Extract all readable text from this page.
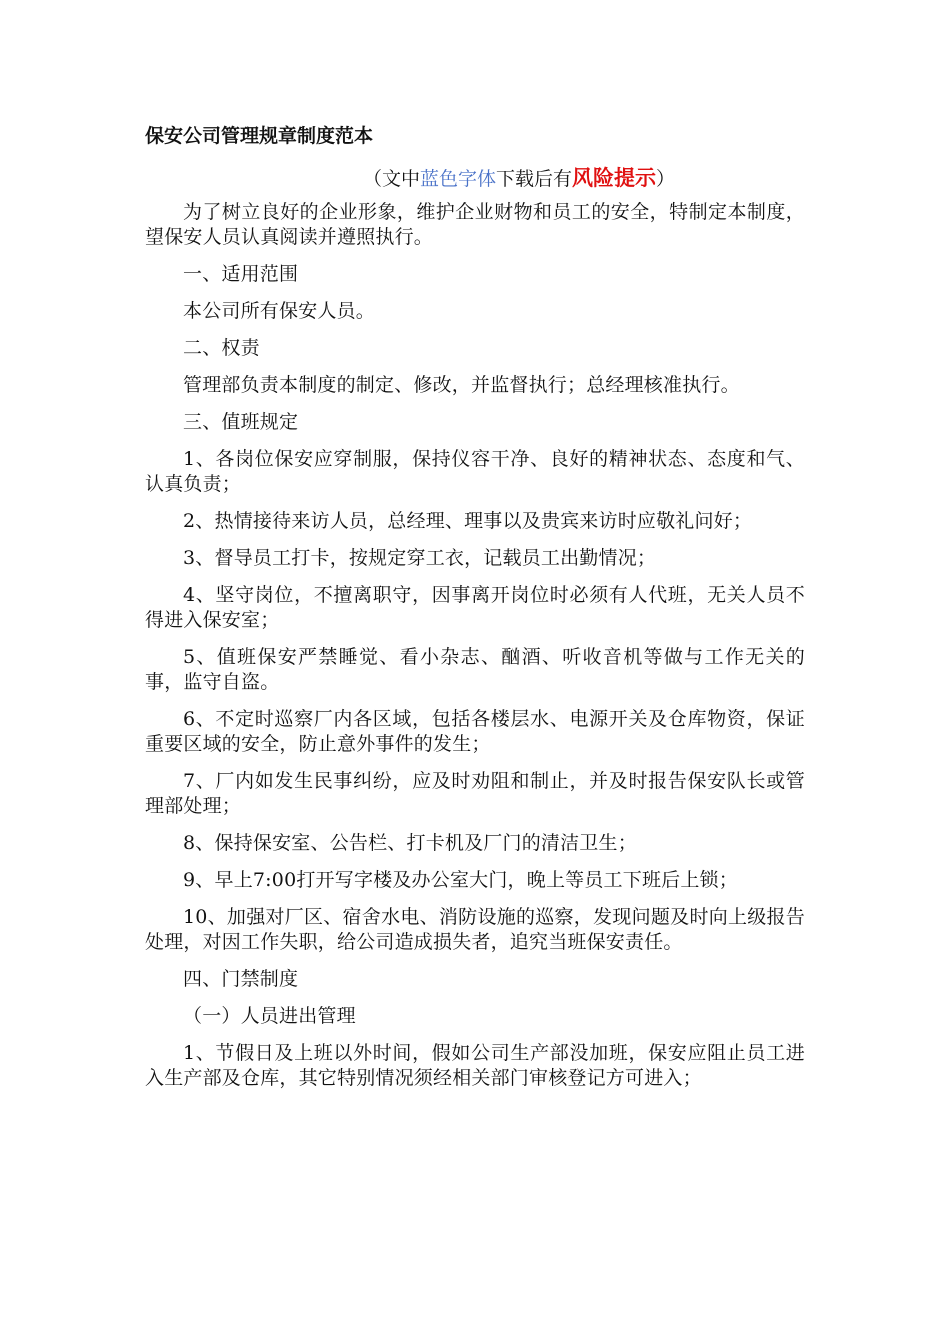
保安公司管理规章制度范本

（文中蓝色字体下载后有风险提示）

为了树立良好的企业形象，维护企业财物和员工的安全，特制定本制度，望保安人员认真阅读并遵照执行。

一、适用范围

本公司所有保安人员。

二、权责

管理部负责本制度的制定、修改，并监督执行；总经理核准执行。

三、值班规定

1、各岗位保安应穿制服，保持仪容干净、良好的精神状态、态度和气、认真负责；

2、热情接待来访人员，总经理、理事以及贵宾来访时应敬礼问好；

3、督导员工打卡，按规定穿工衣，记载员工出勤情况；

4、坚守岗位，不擅离职守，因事离开岗位时必须有人代班，无关人员不得进入保安室；

5、值班保安严禁睡觉、看小杂志、酗酒、听收音机等做与工作无关的事，监守自盗。

6、不定时巡察厂内各区域，包括各楼层水、电源开关及仓库物资，保证重要区域的安全，防止意外事件的发生；

7、厂内如发生民事纠纷，应及时劝阻和制止，并及时报告保安队长或管理部处理；

8、保持保安室、公告栏、打卡机及厂门的清洁卫生；

9、早上7:00打开写字楼及办公室大门，晚上等员工下班后上锁；

10、加强对厂区、宿舍水电、消防设施的巡察，发现问题及时向上级报告处理，对因工作失职，给公司造成损失者，追究当班保安责任。

四、门禁制度

（一）人员进出管理

1、节假日及上班以外时间，假如公司生产部没加班，保安应阻止员工进入生产部及仓库，其它特别情况须经相关部门审核登记方可进入；
